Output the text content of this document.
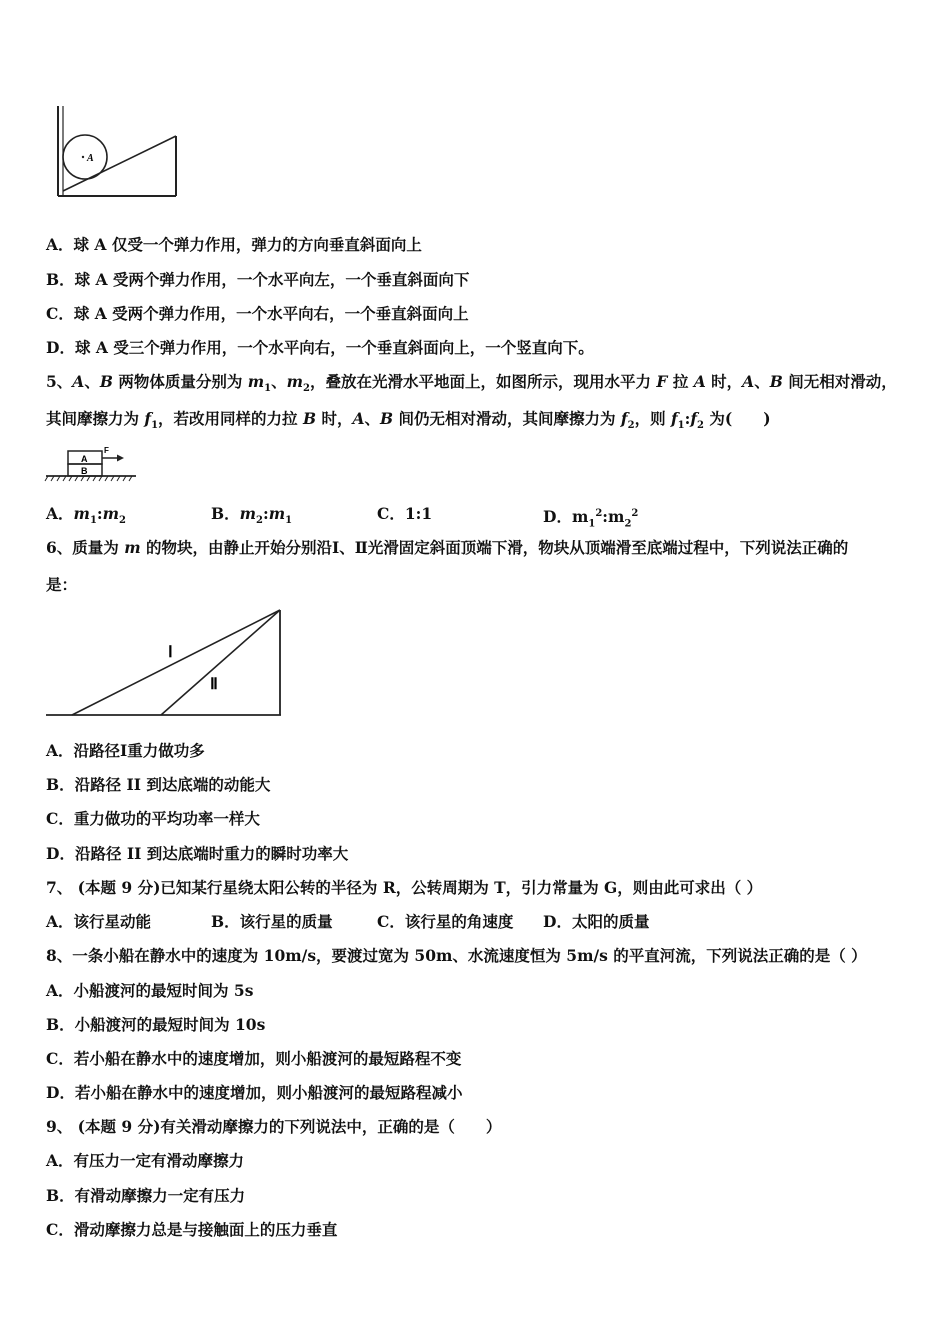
A
A．球 A 仅受一个弹力作用，弹力的方向垂直斜面向上
B．球 A 受两个弹力作用，一个水平向左，一个垂直斜面向下
C．球 A 受两个弹力作用，一个水平向右，一个垂直斜面向上
D．球 A 受三个弹力作用，一个水平向右，一个垂直斜面向上，一个竖直向下。
5、A、B 两物体质量分别为 $m_1$、$m_2$，叠放在光滑水平地面上，如图所示，现用水平力 F 拉 A 时，A、B 间无相对滑动，
其间摩擦力为 $f_1$，若改用同样的力拉 B 时，A、B 间仍无相对滑动，其间摩擦力为 $f_2$，则 $f_1:f_2$ 为(　　)
A
B
F
A．$m_1:m_2$	B．$m_2:m_1$	C．1:1	D．$m_1^2:m_2^2$
6、质量为 m 的物块，由静止开始分别沿Ⅰ、Ⅱ光滑固定斜面顶端下滑，物块从顶端滑至底端过程中，下列说法正确的
是：
Ⅰ
Ⅱ
A．沿路径Ⅰ重力做功多
B．沿路径 II 到达底端的动能大
C．重力做功的平均功率一样大
D．沿路径 II 到达底端时重力的瞬时功率大
7、 (本题 9 分)已知某行星绕太阳公转的半径为 R，公转周期为 T，引力常量为 G，则由此可求出（ ）
A．该行星动能	B．该行星的质量	C．该行星的角速度 D．太阳的质量
8、一条小船在静水中的速度为 10m/s，要渡过宽为 50m、水流速度恒为 5m/s 的平直河流，下列说法正确的是（ ）
A．小船渡河的最短时间为 5s
B．小船渡河的最短时间为 10s
C．若小船在静水中的速度增加，则小船渡河的最短路程不变
D．若小船在静水中的速度增加，则小船渡河的最短路程减小
9、 (本题 9 分)有关滑动摩擦力的下列说法中，正确的是（　　）
A．有压力一定有滑动摩擦力
B．有滑动摩擦力一定有压力
C．滑动摩擦力总是与接触面上的压力垂直
